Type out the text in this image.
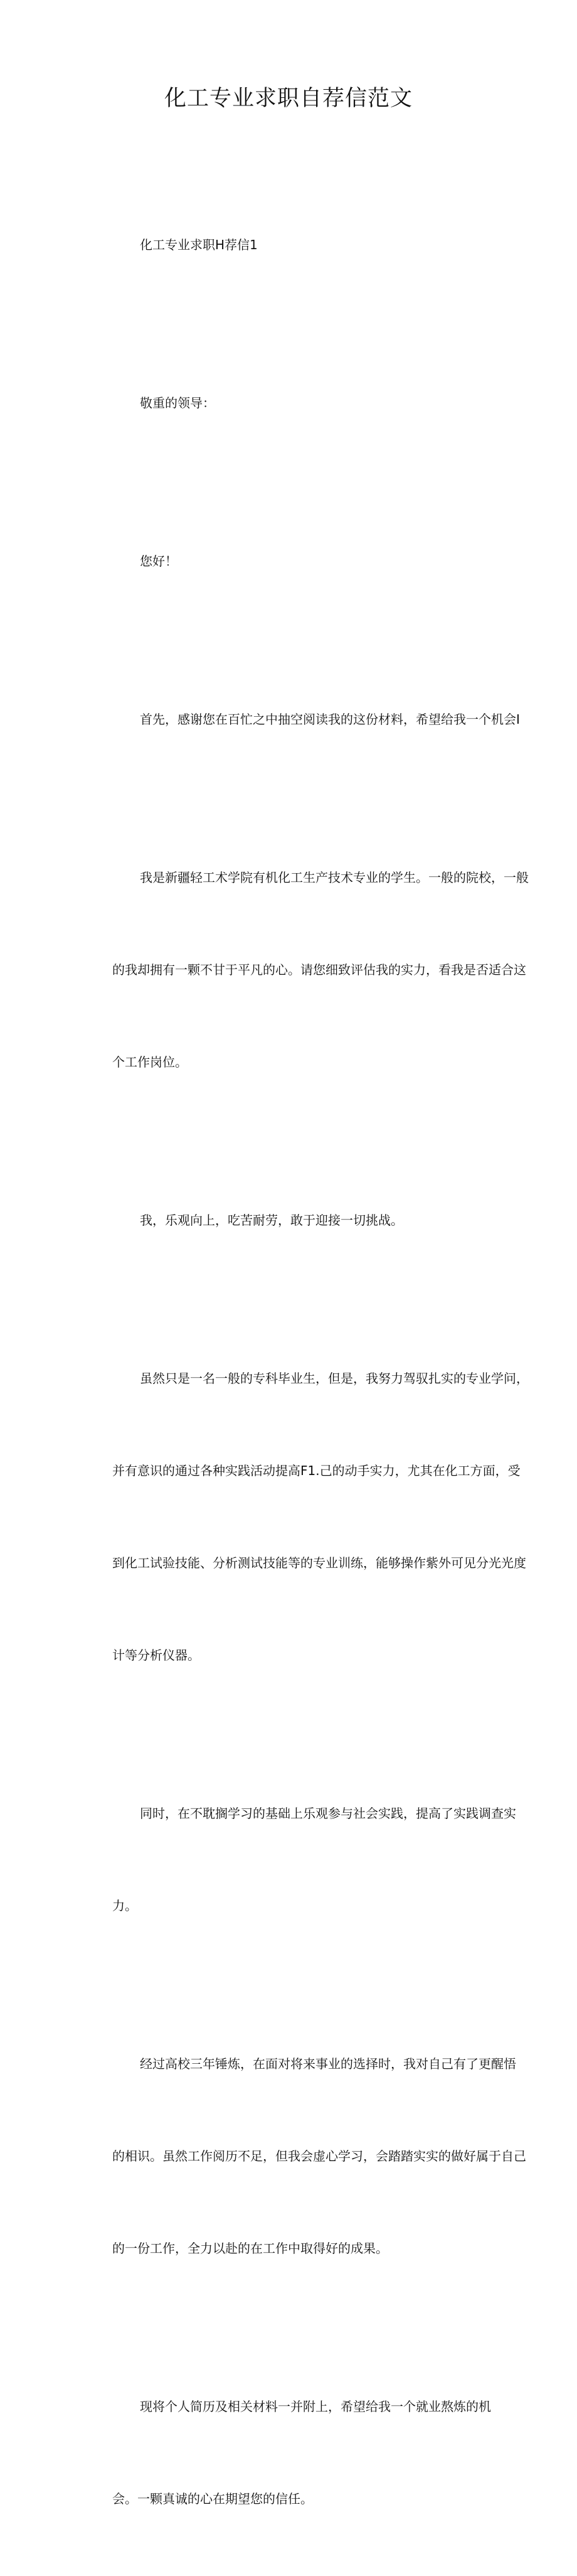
化工专业求职自荐信范文

化工专业求职H荐信1

敬重的领导：

您好！

首先，感谢您在百忙之中抽空阅读我的这份材料，希望给我一个机会I

我是新疆轻工术学院有机化工生产技术专业的学生。一般的院校，一般

的我却拥有一颗不甘于平凡的心。请您细致评估我的实力，看我是否适合这

个工作岗位。

我，乐观向上，吃苦耐劳，敢于迎接一切挑战。

虽然只是一名一般的专科毕业生，但是，我努力驾驭扎实的专业学问，

并有意识的通过各种实践活动提高F1.己的动手实力，尤其在化工方面，受

到化工试验技能、分析测试技能等的专业训练，能够操作紫外可见分光光度

计等分析仪器。

同时，在不耽搁学习的基础上乐观参与社会实践，提高了实践调查实

力。

经过高校三年锤炼，在面对将来事业的选择时，我对自己有了更醒悟

的相识。虽然工作阅历不足，但我会虚心学习，会踏踏实实的做好属于自己

的一份工作，全力以赴的在工作中取得好的成果。

现将个人简历及相关材料一并附上，希望给我一个就业熬炼的机

会。一颗真诚的心在期望您的信任。
